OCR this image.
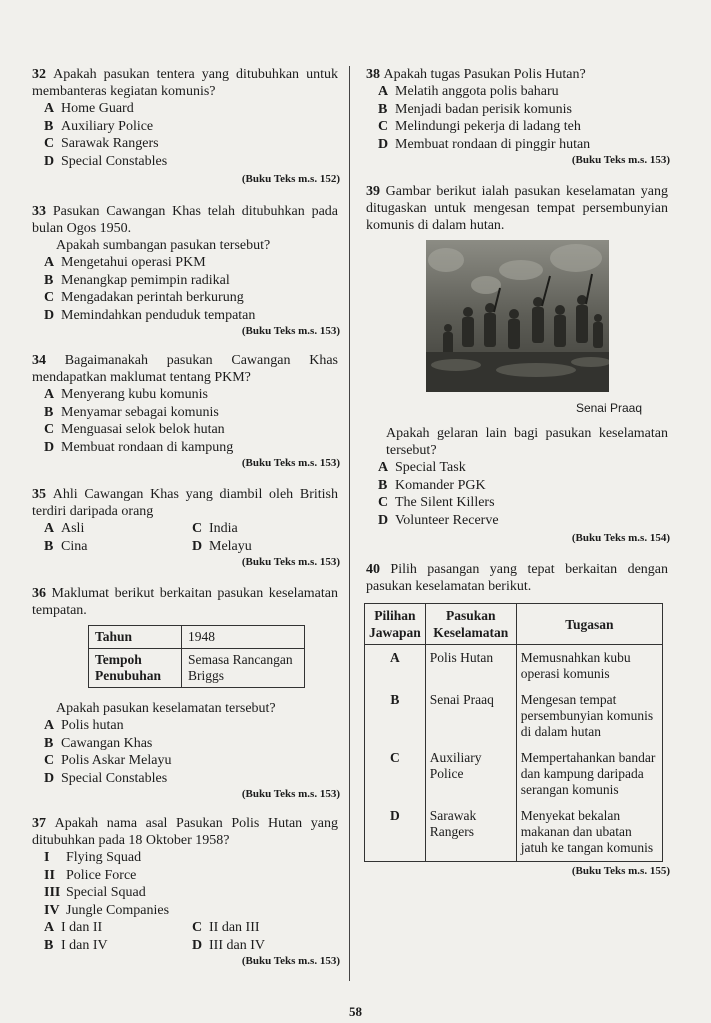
32 Apakah pasukan tentera yang ditubuhkan untuk membanteras kegiatan komunis?

A Home Guard
B Auxiliary Police
C Sarawak Rangers
D Special Constables
(Buku Teks m.s. 152)

33 Pasukan Cawangan Khas telah ditubuhkan pada bulan Ogos 1950.

Apakah sumbangan pasukan tersebut?

A Mengetahui operasi PKM
B Menangkap pemimpin radikal
C Mengadakan perintah berkurung
D Memindahkan penduduk tempatan
(Buku Teks m.s. 153)

34 Bagaimanakah pasukan Cawangan Khas mendapatkan maklumat tentang PKM?

A Menyerang kubu komunis
B Menyamar sebagai komunis
C Menguasai selok belok hutan
D Membuat rondaan di kampung
(Buku Teks m.s. 153)

35 Ahli Cawangan Khas yang diambil oleh British terdiri daripada orang

A Asli	C India
B Cina	D Melayu
(Buku Teks m.s. 153)

36 Maklumat berikut berkaitan pasukan keselamatan tempatan.

Tahun	1948
Tempoh Penubuhan	Semasa Rancangan Briggs

Apakah pasukan keselamatan tersebut?

A Polis hutan
B Cawangan Khas
C Polis Askar Melayu
D Special Constables
(Buku Teks m.s. 153)

37 Apakah nama asal Pasukan Polis Hutan yang ditubuhkan pada 18 Oktober 1958?

I Flying Squad
II Police Force
III Special Squad
IV Jungle Companies
A I dan II	C II dan III
B I dan IV	D III dan IV
(Buku Teks m.s. 153)

38 Apakah tugas Pasukan Polis Hutan?

A Melatih anggota polis baharu
B Menjadi badan perisik komunis
C Melindungi pekerja di ladang teh
D Membuat rondaan di pinggir hutan
(Buku Teks m.s. 153)

39 Gambar berikut ialah pasukan keselamatan yang ditugaskan untuk mengesan tempat persembunyian komunis di dalam hutan.

Senai Praaq

Apakah gelaran lain bagi pasukan keselamatan tersebut?

A Special Task
B Komander PGK
C The Silent Killers
D Volunteer Recerve
(Buku Teks m.s. 154)

40 Pilih pasangan yang tepat berkaitan dengan pasukan keselamatan berikut.

Pilihan Jawapan	Pasukan Keselamatan	Tugasan
A	Polis Hutan	Memusnahkan kubu operasi komunis
B	Senai Praaq	Mengesan tempat persembunyian komunis di dalam hutan
C	Auxiliary Police	Mempertahankan bandar dan kampung daripada serangan komunis
D	Sarawak Rangers	Menyekat bekalan makanan dan ubatan jatuh ke tangan komunis
(Buku Teks m.s. 155)
58
